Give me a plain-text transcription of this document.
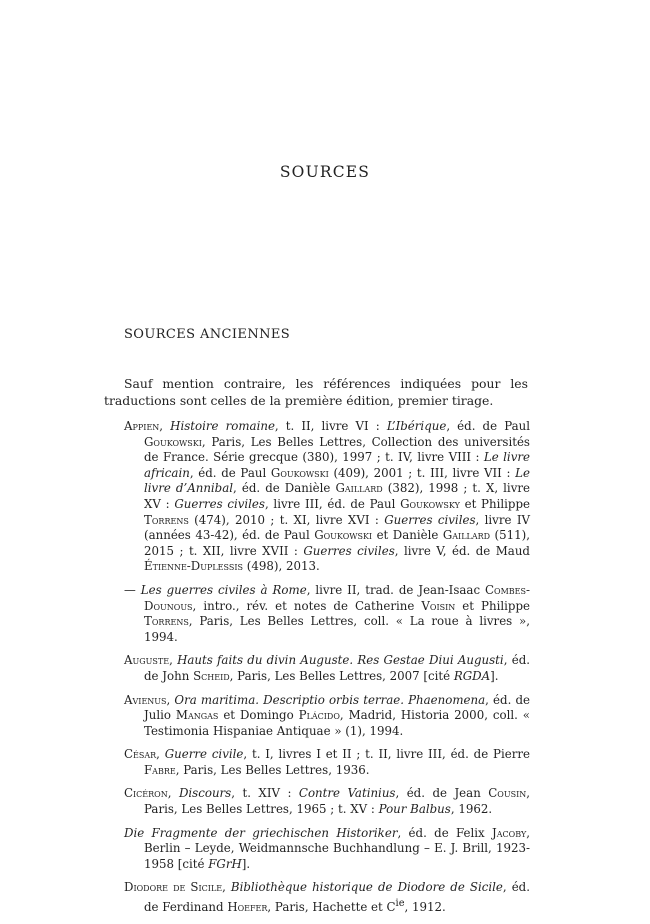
SOURCES
SOURCES ANCIENNES
Sauf mention contraire, les références indiquées pour les traductions sont celles de la première édition, premier tirage.

Appien, Histoire romaine, t. II, livre VI : L’Ibérique, éd. de Paul Goukowski, Paris, Les Belles Lettres, Collection des universités de France. Série grecque (380), 1997 ; t. IV, livre VIII : Le livre africain, éd. de Paul Goukowski (409), 2001 ; t. III, livre VII : Le livre d’Annibal, éd. de Danièle Gaillard (382), 1998 ; t. X, livre XV : Guerres civiles, livre III, éd. de Paul Goukowsky et Philippe Torrens (474), 2010 ; t. XI, livre XVI : Guerres civiles, livre IV (années 43-42), éd. de Paul Goukowski et Danièle Gaillard (511), 2015 ; t. XII, livre XVII : Guerres civiles, livre V, éd. de Maud Étienne-Duplessis (498), 2013.

— Les guerres civiles à Rome, livre II, trad. de Jean-Isaac Combes-Dounous, intro., rév. et notes de Catherine Voisin et Philippe Torrens, Paris, Les Belles Lettres, coll. « La roue à livres », 1994.

Auguste, Hauts faits du divin Auguste. Res Gestae Diui Augusti, éd. de John Scheid, Paris, Les Belles Lettres, 2007 [cité RGDA].

Avienus, Ora maritima. Descriptio orbis terrae. Phaenomena, éd. de Julio Mangas et Domingo Plácido, Madrid, Historia 2000, coll. « Testimonia Hispaniae Antiquae » (1), 1994.

César, Guerre civile, t. I, livres I et II ; t. II, livre III, éd. de Pierre Fabre, Paris, Les Belles Lettres, 1936.

Cicéron, Discours, t. XIV : Contre Vatinius, éd. de Jean Cousin, Paris, Les Belles Lettres, 1965 ; t. XV : Pour Balbus, 1962.

Die Fragmente der griechischen Historiker, éd. de Felix Jacoby, Berlin – Leyde, Weidmannsche Buchhandlung – E. J. Brill, 1923-1958 [cité FGrH].

Diodore de Sicile, Bibliothèque historique de Diodore de Sicile, éd. de Ferdinand Hoefer, Paris, Hachette et $C^{ie}$, 1912.
